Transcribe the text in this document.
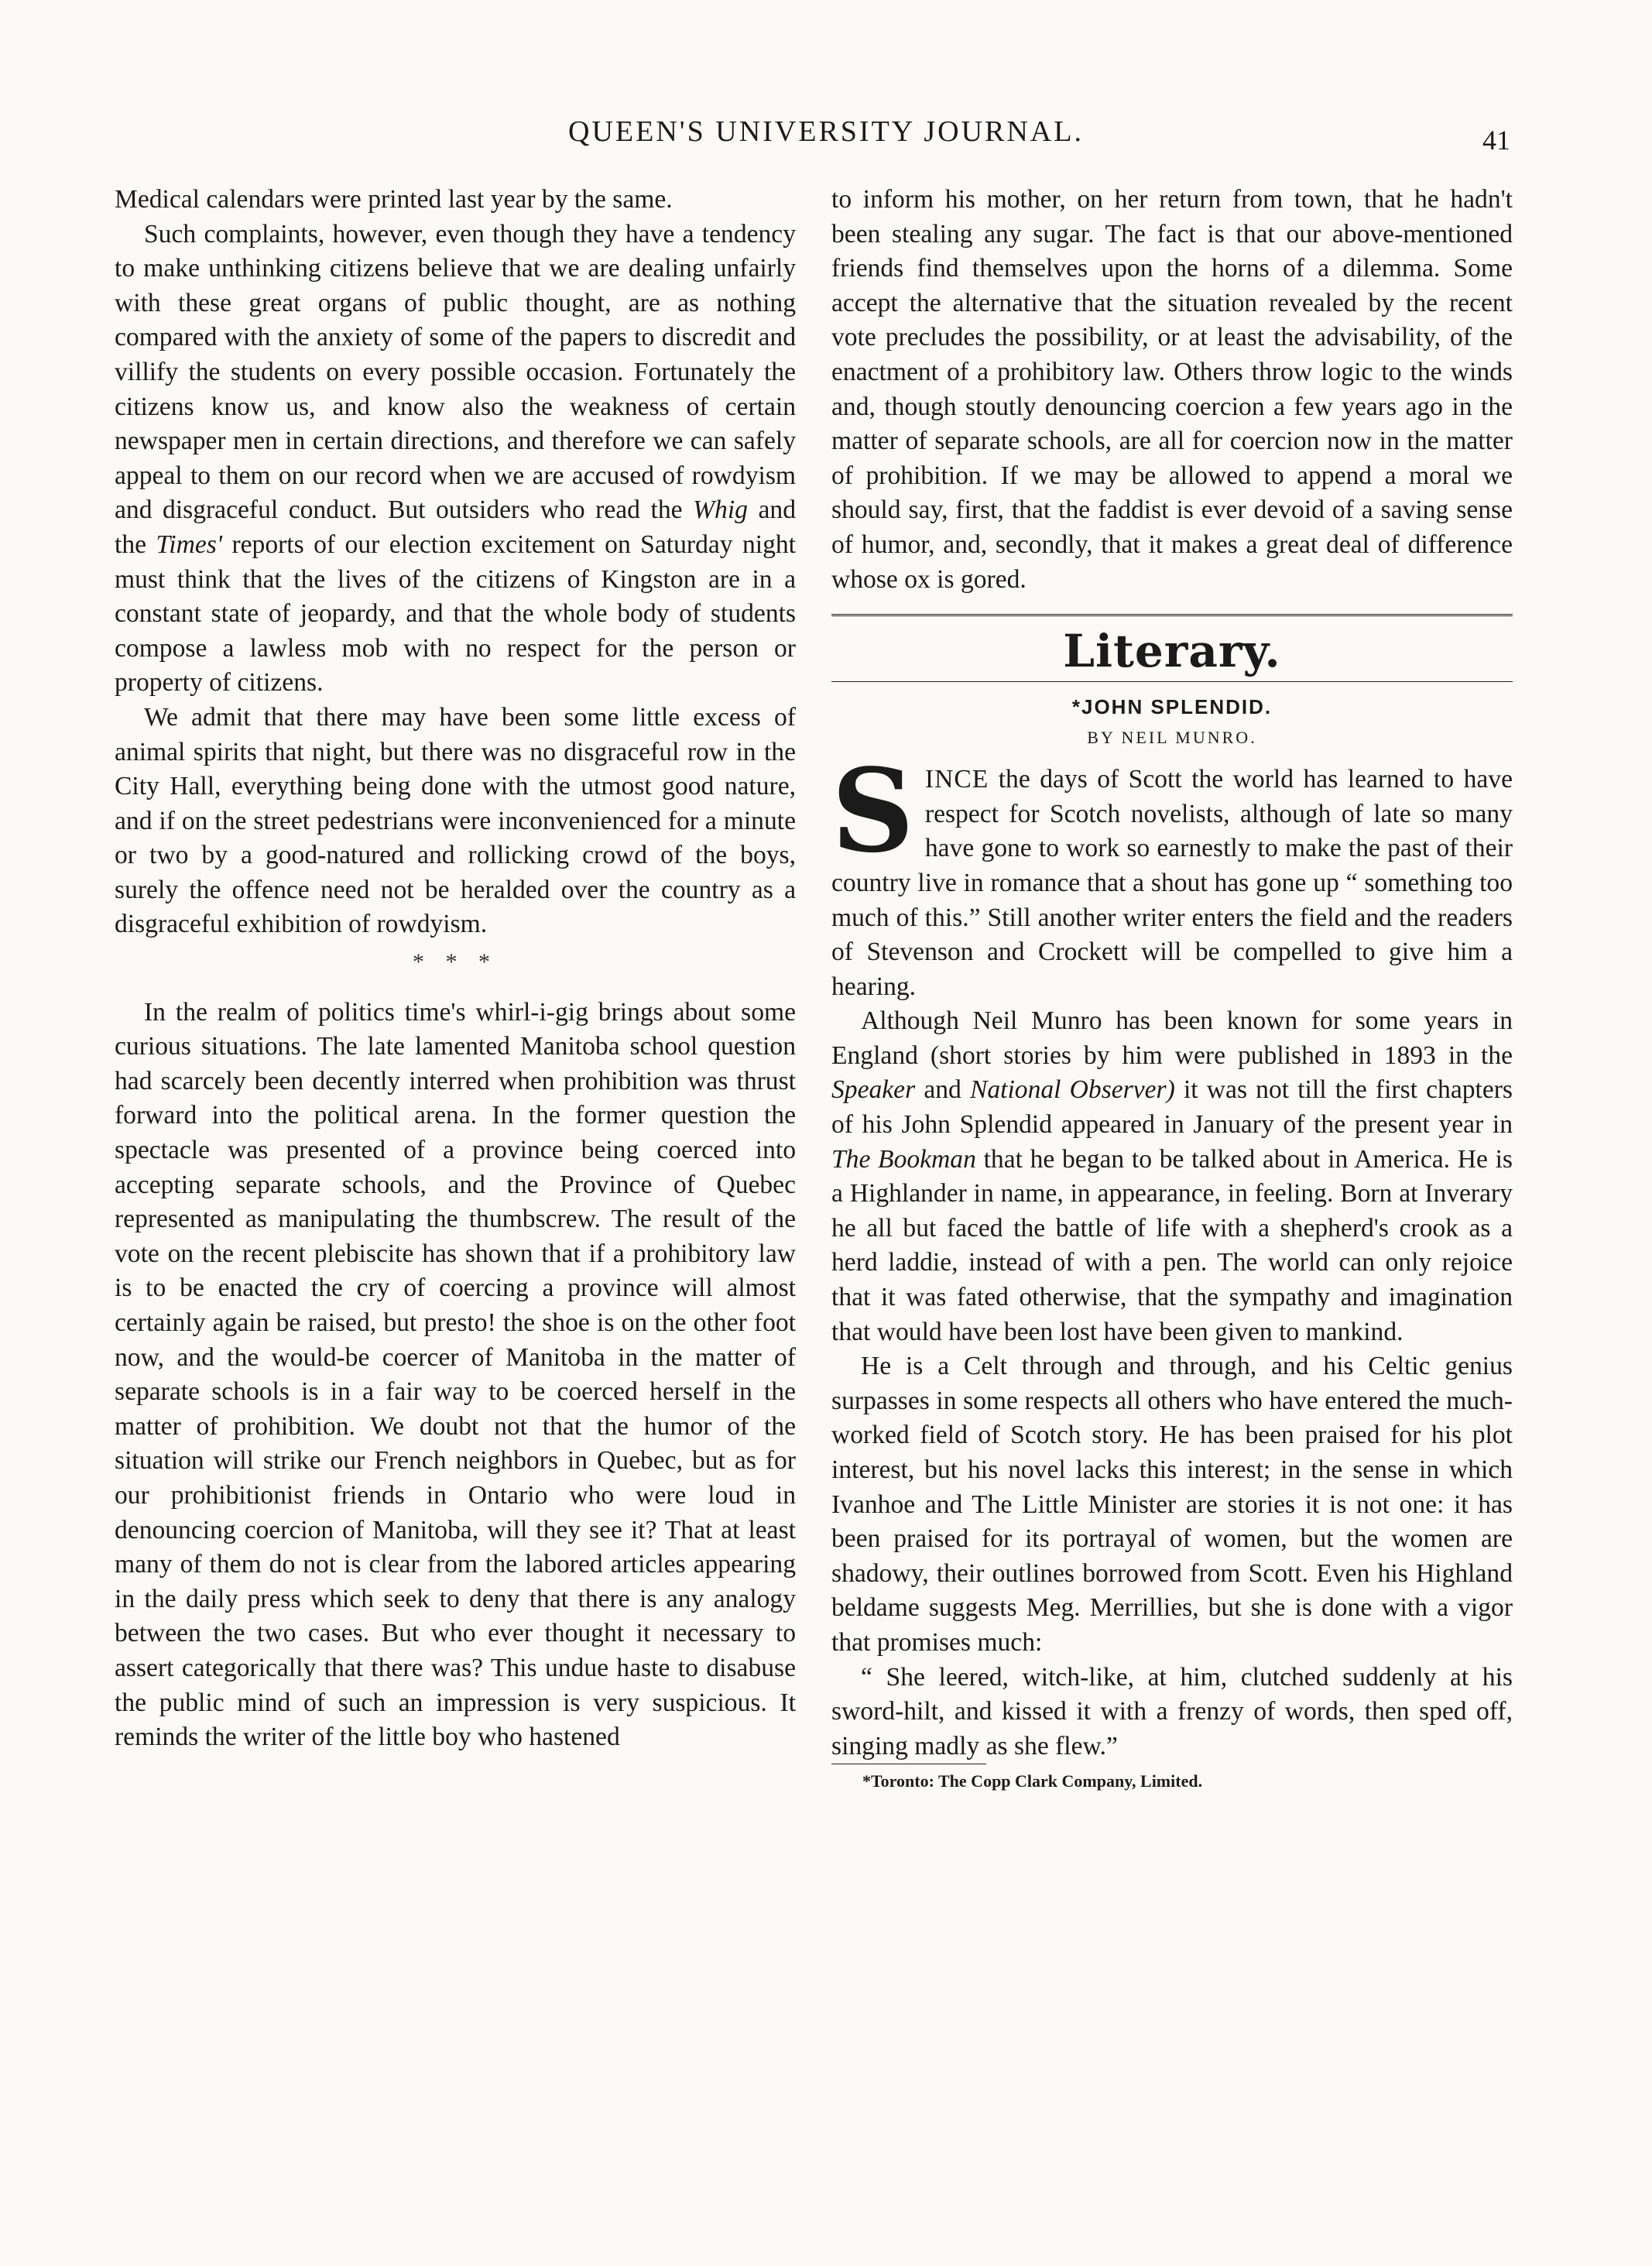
QUEEN'S UNIVERSITY JOURNAL.	41

Medical calendars were printed last year by the same.

Such complaints, however, even though they have a tendency to make unthinking citizens believe that we are dealing unfairly with these great organs of public thought, are as nothing compared with the anxiety of some of the papers to discredit and villify the students on every possible occasion. Fortunately the citizens know us, and know also the weakness of certain newspaper men in certain directions, and therefore we can safely appeal to them on our record when we are accused of rowdyism and disgraceful conduct. But outsiders who read the Whig and the Times' reports of our election excitement on Saturday night must think that the lives of the citizens of Kingston are in a constant state of jeopardy, and that the whole body of students compose a lawless mob with no respect for the person or property of citizens.

We admit that there may have been some little excess of animal spirits that night, but there was no disgraceful row in the City Hall, everything being done with the utmost good nature, and if on the street pedestrians were inconvenienced for a minute or two by a good-natured and rollicking crowd of the boys, surely the offence need not be heralded over the country as a disgraceful exhibition of rowdyism.

* * *

In the realm of politics time's whirl-i-gig brings about some curious situations. The late lamented Manitoba school question had scarcely been decently interred when prohibition was thrust forward into the political arena. In the former question the spectacle was presented of a province being coerced into accepting separate schools, and the Province of Quebec represented as manipulating the thumbscrew. The result of the vote on the recent plebiscite has shown that if a prohibitory law is to be enacted the cry of coercing a province will almost certainly again be raised, but presto! the shoe is on the other foot now, and the would-be coercer of Manitoba in the matter of separate schools is in a fair way to be coerced herself in the matter of prohibition. We doubt not that the humor of the situation will strike our French neighbors in Quebec, but as for our prohibitionist friends in Ontario who were loud in denouncing coercion of Manitoba, will they see it? That at least many of them do not is clear from the labored articles appearing in the daily press which seek to deny that there is any analogy between the two cases. But who ever thought it necessary to assert categorically that there was? This undue haste to disabuse the public mind of such an impression is very suspicious. It reminds the writer of the little boy who hastened

to inform his mother, on her return from town, that he hadn't been stealing any sugar. The fact is that our above-mentioned friends find themselves upon the horns of a dilemma. Some accept the alternative that the situation revealed by the recent vote precludes the possibility, or at least the advisability, of the enactment of a prohibitory law. Others throw logic to the winds and, though stoutly denouncing coercion a few years ago in the matter of separate schools, are all for coercion now in the matter of prohibition. If we may be allowed to append a moral we should say, first, that the faddist is ever devoid of a saving sense of humor, and, secondly, that it makes a great deal of difference whose ox is gored.

Literary.
*JOHN SPLENDID.
BY NEIL MUNRO.

SINCE the days of Scott the world has learned to have respect for Scotch novelists, although of late so many have gone to work so earnestly to make the past of their country live in romance that a shout has gone up “ something too much of this.” Still another writer enters the field and the readers of Stevenson and Crockett will be compelled to give him a hearing.

Although Neil Munro has been known for some years in England (short stories by him were published in 1893 in the Speaker and National Observer) it was not till the first chapters of his John Splendid appeared in January of the present year in The Bookman that he began to be talked about in America. He is a Highlander in name, in appearance, in feeling. Born at Inverary he all but faced the battle of life with a shepherd's crook as a herd laddie, instead of with a pen. The world can only rejoice that it was fated otherwise, that the sympathy and imagination that would have been lost have been given to mankind.

He is a Celt through and through, and his Celtic genius surpasses in some respects all others who have entered the much-worked field of Scotch story. He has been praised for his plot interest, but his novel lacks this interest; in the sense in which Ivanhoe and The Little Minister are stories it is not one: it has been praised for its portrayal of women, but the women are shadowy, their outlines borrowed from Scott. Even his Highland beldame suggests Meg. Merrillies, but she is done with a vigor that promises much:

“ She leered, witch-like, at him, clutched suddenly at his sword-hilt, and kissed it with a frenzy of words, then sped off, singing madly as she flew.”

*Toronto: The Copp Clark Company, Limited.
